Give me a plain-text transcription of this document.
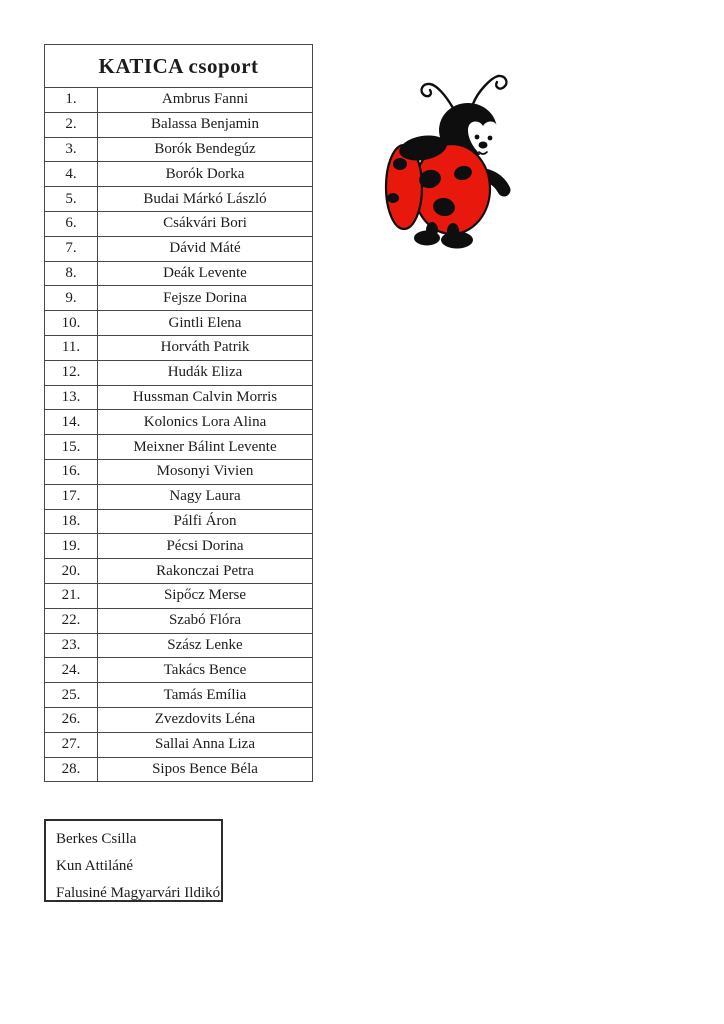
KATICA csoport	
1.	Ambrus Fanni
2.	Balassa Benjamin
3.	Borók Bendegúz
4.	Borók Dorka
5.	Budai Márkó László
6.	Csákvári Bori
7.	Dávid Máté
8.	Deák Levente
9.	Fejsze Dorina
10.	Gintli Elena
11.	Horváth Patrik
12.	Hudák Eliza
13.	Hussman Calvin Morris
14.	Kolonics Lora Alina
15.	Meixner Bálint Levente
16.	Mosonyi Vivien
17.	Nagy Laura
18.	Pálfi Áron
19.	Pécsi Dorina
20.	Rakonczai Petra
21.	Sipőcz Merse
22.	Szabó Flóra
23.	Szász Lenke
24.	Takács Bence
25.	Tamás Emília
26.	Zvezdovits Léna
27.	Sallai Anna Liza
28.	Sipos Bence Béla
Berkes Csilla
Kun Attiláné
Falusiné Magyarvári Ildikó
